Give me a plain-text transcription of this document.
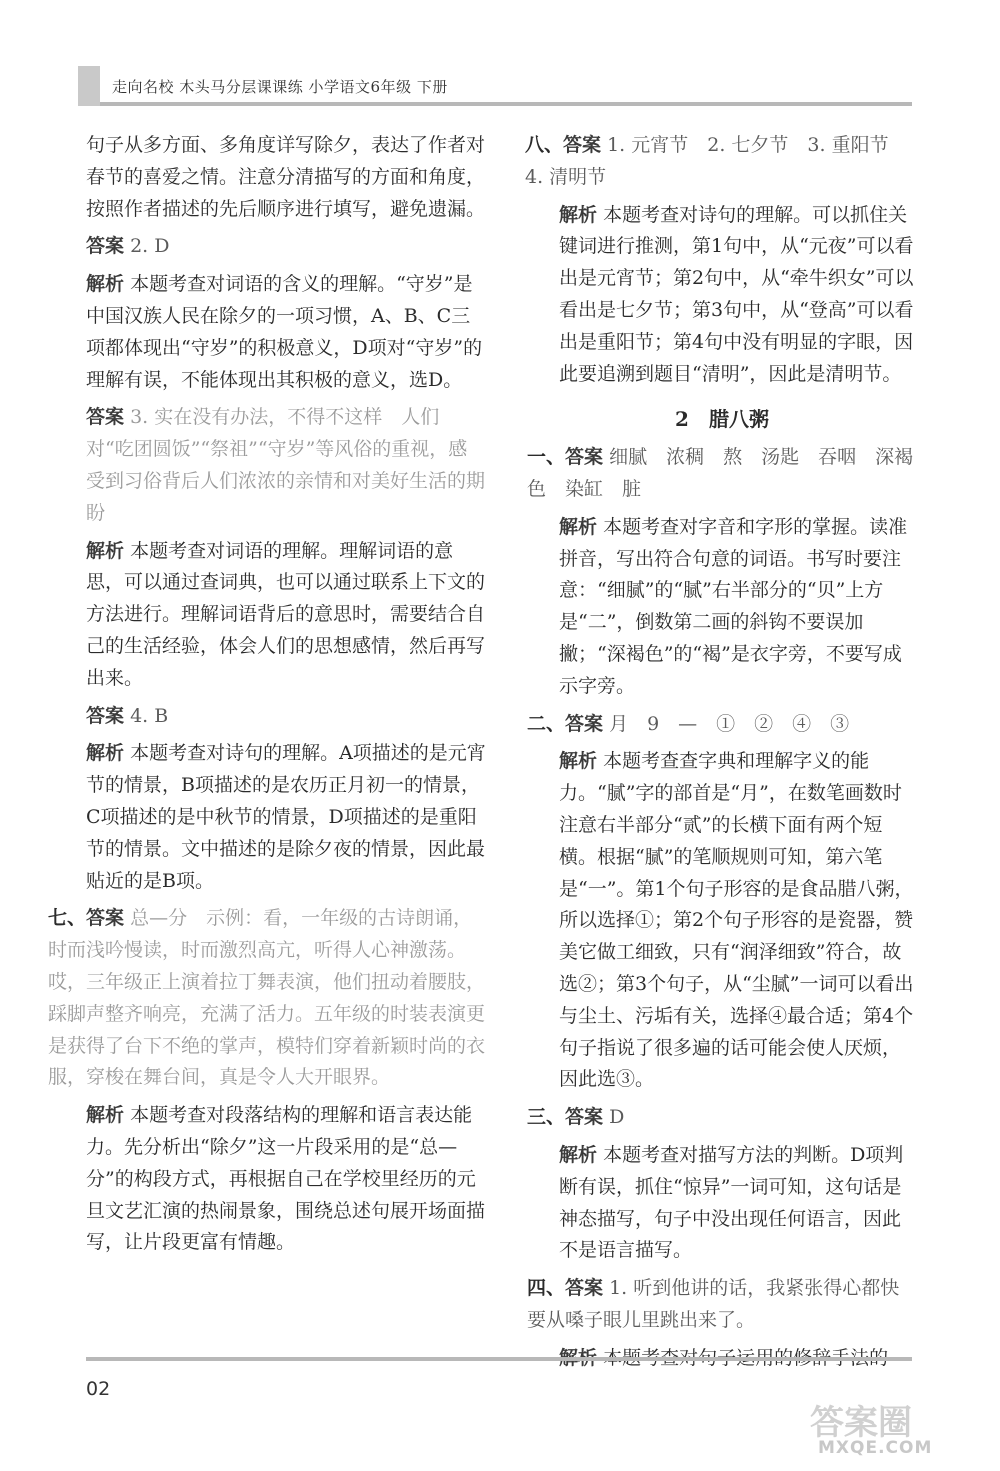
走向名校 木头马分层课课练 小学语文6年级 下册
句子从多方面、多角度详写除夕，表达了作者对春节的喜爱之情。注意分清描写的方面和角度，按照作者描述的先后顺序进行填写，避免遗漏。
答案 2. D
解析 本题考查对词语的含义的理解。“守岁”是中国汉族人民在除夕的一项习惯，A、B、C三项都体现出“守岁”的积极意义，D项对“守岁”的理解有误，不能体现出其积极的意义，选D。
答案 3. 实在没有办法，不得不这样　人们对“吃团圆饭”“祭祖”“守岁”等风俗的重视，感受到习俗背后人们浓浓的亲情和对美好生活的期盼
解析 本题考查对词语的理解。理解词语的意思，可以通过查词典，也可以通过联系上下文的方法进行。理解词语背后的意思时，需要结合自己的生活经验，体会人们的思想感情，然后再写出来。
答案 4. B
解析 本题考查对诗句的理解。A项描述的是元宵节的情景，B项描述的是农历正月初一的情景，C项描述的是中秋节的情景，D项描述的是重阳节的情景。文中描述的是除夕夜的情景，因此最贴近的是B项。
七、答案 总—分　示例：看，一年级的古诗朗诵，时而浅吟慢读，时而激烈高亢，听得人心神激荡。哎，三年级正上演着拉丁舞表演，他们扭动着腰肢，踩脚声整齐响亮，充满了活力。五年级的时装表演更是获得了台下不绝的掌声，模特们穿着新颖时尚的衣服，穿梭在舞台间，真是令人大开眼界。
解析 本题考查对段落结构的理解和语言表达能力。先分析出“除夕”这一片段采用的是“总—分”的构段方式，再根据自己在学校里经历的元旦文艺汇演的热闹景象，围绕总述句展开场面描写，让片段更富有情趣。
八、答案 1. 元宵节　2. 七夕节　3. 重阳节　4. 清明节
解析 本题考查对诗句的理解。可以抓住关键词进行推测，第1句中，从“元夜”可以看出是元宵节；第2句中，从“牵牛织女”可以看出是七夕节；第3句中，从“登高”可以看出是重阳节；第4句中没有明显的字眼，因此要追溯到题目“清明”，因此是清明节。
2　腊八粥
一、答案 细腻　浓稠　熬　汤匙　吞咽　深褐色　染缸　脏
解析 本题考查对字音和字形的掌握。读准拼音，写出符合句意的词语。书写时要注意：“细腻”的“腻”右半部分的“贝”上方是“二”，倒数第二画的斜钩不要误加撇；“深褐色”的“褐”是衣字旁，不要写成示字旁。
二、答案 月　9　—　①　②　④　③
解析 本题考查查字典和理解字义的能力。“腻”字的部首是“月”，在数笔画数时注意右半部分“贰”的长横下面有两个短横。根据“腻”的笔顺规则可知，第六笔是“一”。第1个句子形容的是食品腊八粥，所以选择①；第2个句子形容的是瓷器，赞美它做工细致，只有“润泽细致”符合，故选②；第3个句子，从“尘腻”一词可以看出与尘土、污垢有关，选择④最合适；第4个句子指说了很多遍的话可能会使人厌烦，因此选③。
三、答案 D
解析 本题考查对描写方法的判断。D项判断有误，抓住“惊异”一词可知，这句话是神态描写，句子中没出现任何语言，因此不是语言描写。
四、答案 1. 听到他讲的话，我紧张得心都快要从嗓子眼儿里跳出来了。
02
答案圈
MXQE.COM
